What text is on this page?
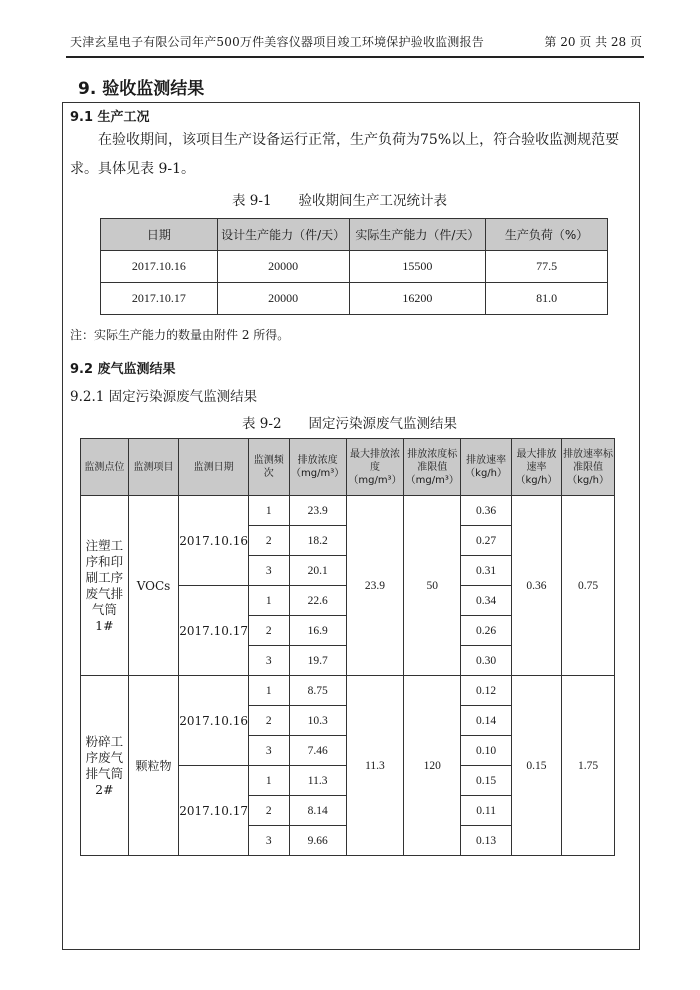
天津玄星电子有限公司年产500万件美容仪器项目竣工环境保护验收监测报告	第 20 页 共 28 页
9. 验收监测结果
9.1 生产工况

在验收期间，该项目生产设备运行正常，生产负荷为75%以上，符合验收监测规范要求。具体见表 9-1。

表 9-1　　验收期间生产工况统计表
日期	设计生产能力（件/天）	实际生产能力（件/天）	生产负荷（%）
2017.10.16	20000	15500	77.5
2017.10.17	20000	16200	81.0
注：实际生产能力的数量由附件 2 所得。
9.2 废气监测结果
9.2.1 固定污染源废气监测结果
表 9-2　　固定污染源废气监测结果
监测点位	监测项目	监测日期	监测频次	排放浓度（mg/m³）	最大排放浓度（mg/m³）	排放浓度标准限值（mg/m³）	排放速率（kg/h）	最大排放速率（kg/h）	排放速率标准限值（kg/h）
注塑工序和印刷工序废气排气筒 1#	VOCs	2017.10.16	1	23.9	23.9	50	0.36	0.36	0.75
			2	18.2			0.27		
			3	20.1			0.31		
		2017.10.17	1	22.6			0.34		
			2	16.9			0.26		
			3	19.7			0.30		
粉碎工序废气排气筒 2#	颗粒物	2017.10.16	1	8.75	11.3	120	0.12	0.15	1.75
			2	10.3			0.14		
			3	7.46			0.10		
		2017.10.17	1	11.3			0.15		
			2	8.14			0.11		
			3	9.66			0.13		
